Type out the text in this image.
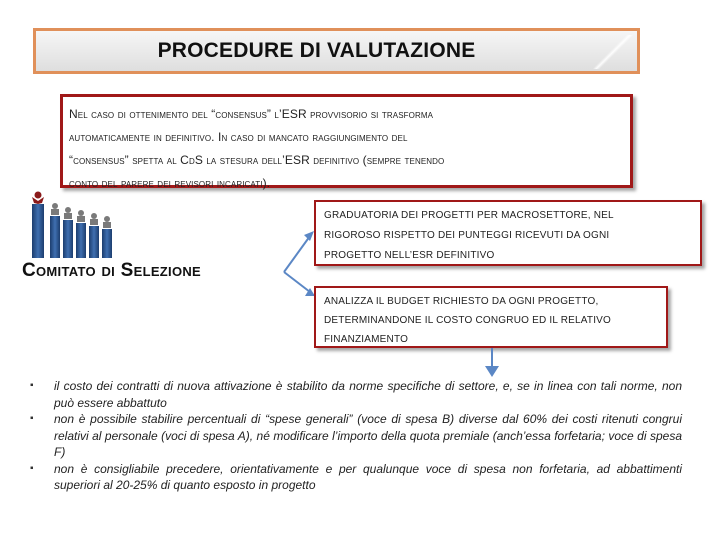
PROCEDURE DI VALUTAZIONE
Nel caso di ottenimento del “consensus” l’ESR provvisorio si trasforma
automaticamente in definitivo. In caso di mancato raggiungimento del
“consensus” spetta al CdS la stesura dell’ESR definitivo (sempre tenendo
conto del parere dei revisori incaricati).
Comitato di Selezione
GRADUATORIA DEI PROGETTI PER MACROSETTORE, NEL
RIGOROSO RISPETTO DEI PUNTEGGI RICEVUTI DA OGNI
PROGETTO NELL’ESR DEFINITIVO
ANALIZZA IL BUDGET RICHIESTO DA OGNI PROGETTO,
DETERMINANDONE IL COSTO CONGRUO ED IL RELATIVO
FINANZIAMENTO
▪ il costo dei contratti di nuova attivazione è stabilito da norme specifiche di settore, e, se in linea con tali norme, non può essere abbattuto
▪ non è possibile stabilire percentuali di “spese generali” (voce di spesa B) diverse dal 60% dei costi ritenuti congrui relativi al personale (voci di spesa A), né modificare l’importo della quota premiale (anch’essa forfetaria; voce di spesa F)
▪ non è consigliabile precedere, orientativamente e per qualunque voce di spesa non forfetaria, ad abbattimenti superiori al 20-25% di quanto esposto in progetto
